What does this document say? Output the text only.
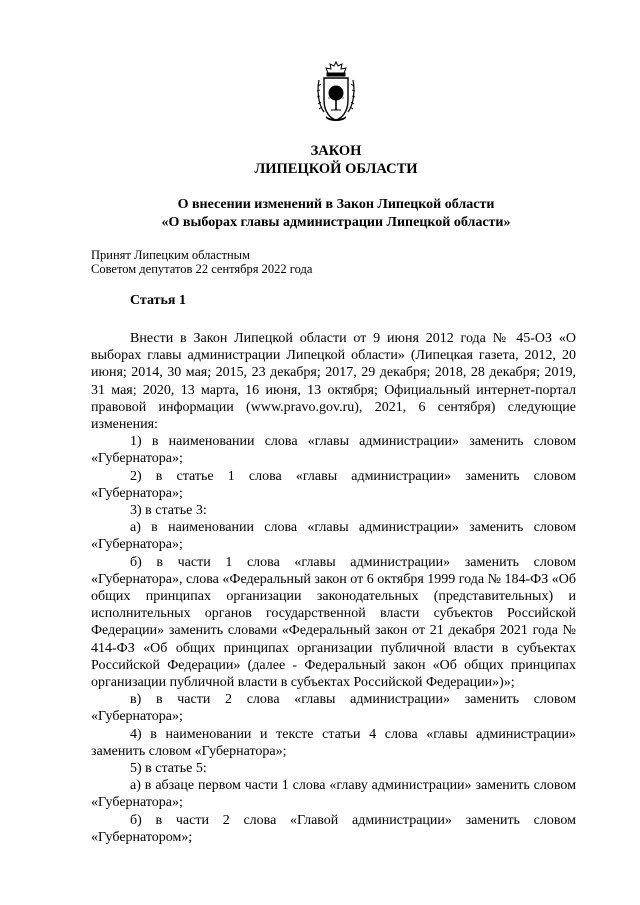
ЗАКОН
ЛИПЕЦКОЙ ОБЛАСТИ
О внесении изменений в Закон Липецкой области
«О выборах главы администрации Липецкой области»
Принят Липецким областным
Советом депутатов 22 сентября 2022 года
Статья 1

Внести в Закон Липецкой области от 9 июня 2012 года № 45-ОЗ «О выборах главы администрации Липецкой области» (Липецкая газета, 2012, 20 июня; 2014, 30 мая; 2015, 23 декабря; 2017, 29 декабря; 2018, 28 декабря; 2019, 31 мая; 2020, 13 марта, 16 июня, 13 октября; Официальный интернет-портал правовой информации (www.pravo.gov.ru), 2021, 6 сентября) следующие изменения:

1) в наименовании слова «главы администрации» заменить словом «Губернатора»;

2) в статье 1 слова «главы администрации» заменить словом «Губернатора»;

3) в статье 3:

а) в наименовании слова «главы администрации» заменить словом «Губернатора»;

б) в части 1 слова «главы администрации» заменить словом «Губернатора», слова «Федеральный закон от 6 октября 1999 года № 184-ФЗ «Об общих принципах организации законодательных (представительных) и исполнительных органов государственной власти субъектов Российской Федерации» заменить словами «Федеральный закон от 21 декабря 2021 года № 414-ФЗ «Об общих принципах организации публичной власти в субъектах Российской Федерации» (далее - Федеральный закон «Об общих принципах организации публичной власти в субъектах Российской Федерации»)»;

в) в части 2 слова «главы администрации» заменить словом «Губернатора»;

4) в наименовании и тексте статьи 4 слова «главы администрации» заменить словом «Губернатора»;

5) в статье 5:

а) в абзаце первом части 1 слова «главу администрации» заменить словом «Губернатора»;

б) в части 2 слова «Главой администрации» заменить словом «Губернатором»;
